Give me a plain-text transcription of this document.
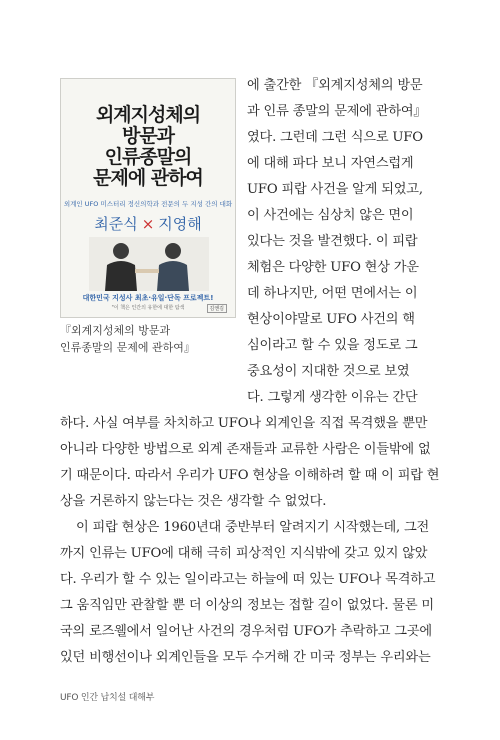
외계지성체의
방문과
인류종말의
문제에 관하여
외계인 UFO 미스터리 정신의학과 전문의 두 지성 간의 대화
최준식 × 지영해
대한민국 지성사 최초·유일·단독 프로젝트!
"이 책은 인간의 유한에 대한 탐색	김앤김
『외계지성체의 방문과
인류종말의 문제에 관하여』
에 출간한 『외계지성체의 방문
과 인류 종말의 문제에 관하여』
였다. 그런데 그런 식으로 UFO
에 대해 파다 보니 자연스럽게
UFO 피랍 사건을 알게 되었고,
이 사건에는 심상치 않은 면이
있다는 것을 발견했다. 이 피랍
체험은 다양한 UFO 현상 가운
데 하나지만, 어떤 면에서는 이
현상이야말로 UFO 사건의 핵
심이라고 할 수 있을 정도로 그
중요성이 지대한 것으로 보였
다. 그렇게 생각한 이유는 간단
하다. 사실 여부를 차치하고 UFO나 외계인을 직접 목격했을 뿐만
아니라 다양한 방법으로 외계 존재들과 교류한 사람은 이들밖에 없
기 때문이다. 따라서 우리가 UFO 현상을 이해하려 할 때 이 피랍 현
상을 거론하지 않는다는 것은 생각할 수 없었다.
이 피랍 현상은 1960년대 중반부터 알려지기 시작했는데, 그전
까지 인류는 UFO에 대해 극히 피상적인 지식밖에 갖고 있지 않았
다. 우리가 할 수 있는 일이라고는 하늘에 떠 있는 UFO나 목격하고
그 움직임만 관찰할 뿐 더 이상의 정보는 접할 길이 없었다. 물론 미
국의 로즈웰에서 일어난 사건의 경우처럼 UFO가 추락하고 그곳에
있던 비행선이나 외계인들을 모두 수거해 간 미국 정부는 우리와는
UFO 인간 납치설 대해부
